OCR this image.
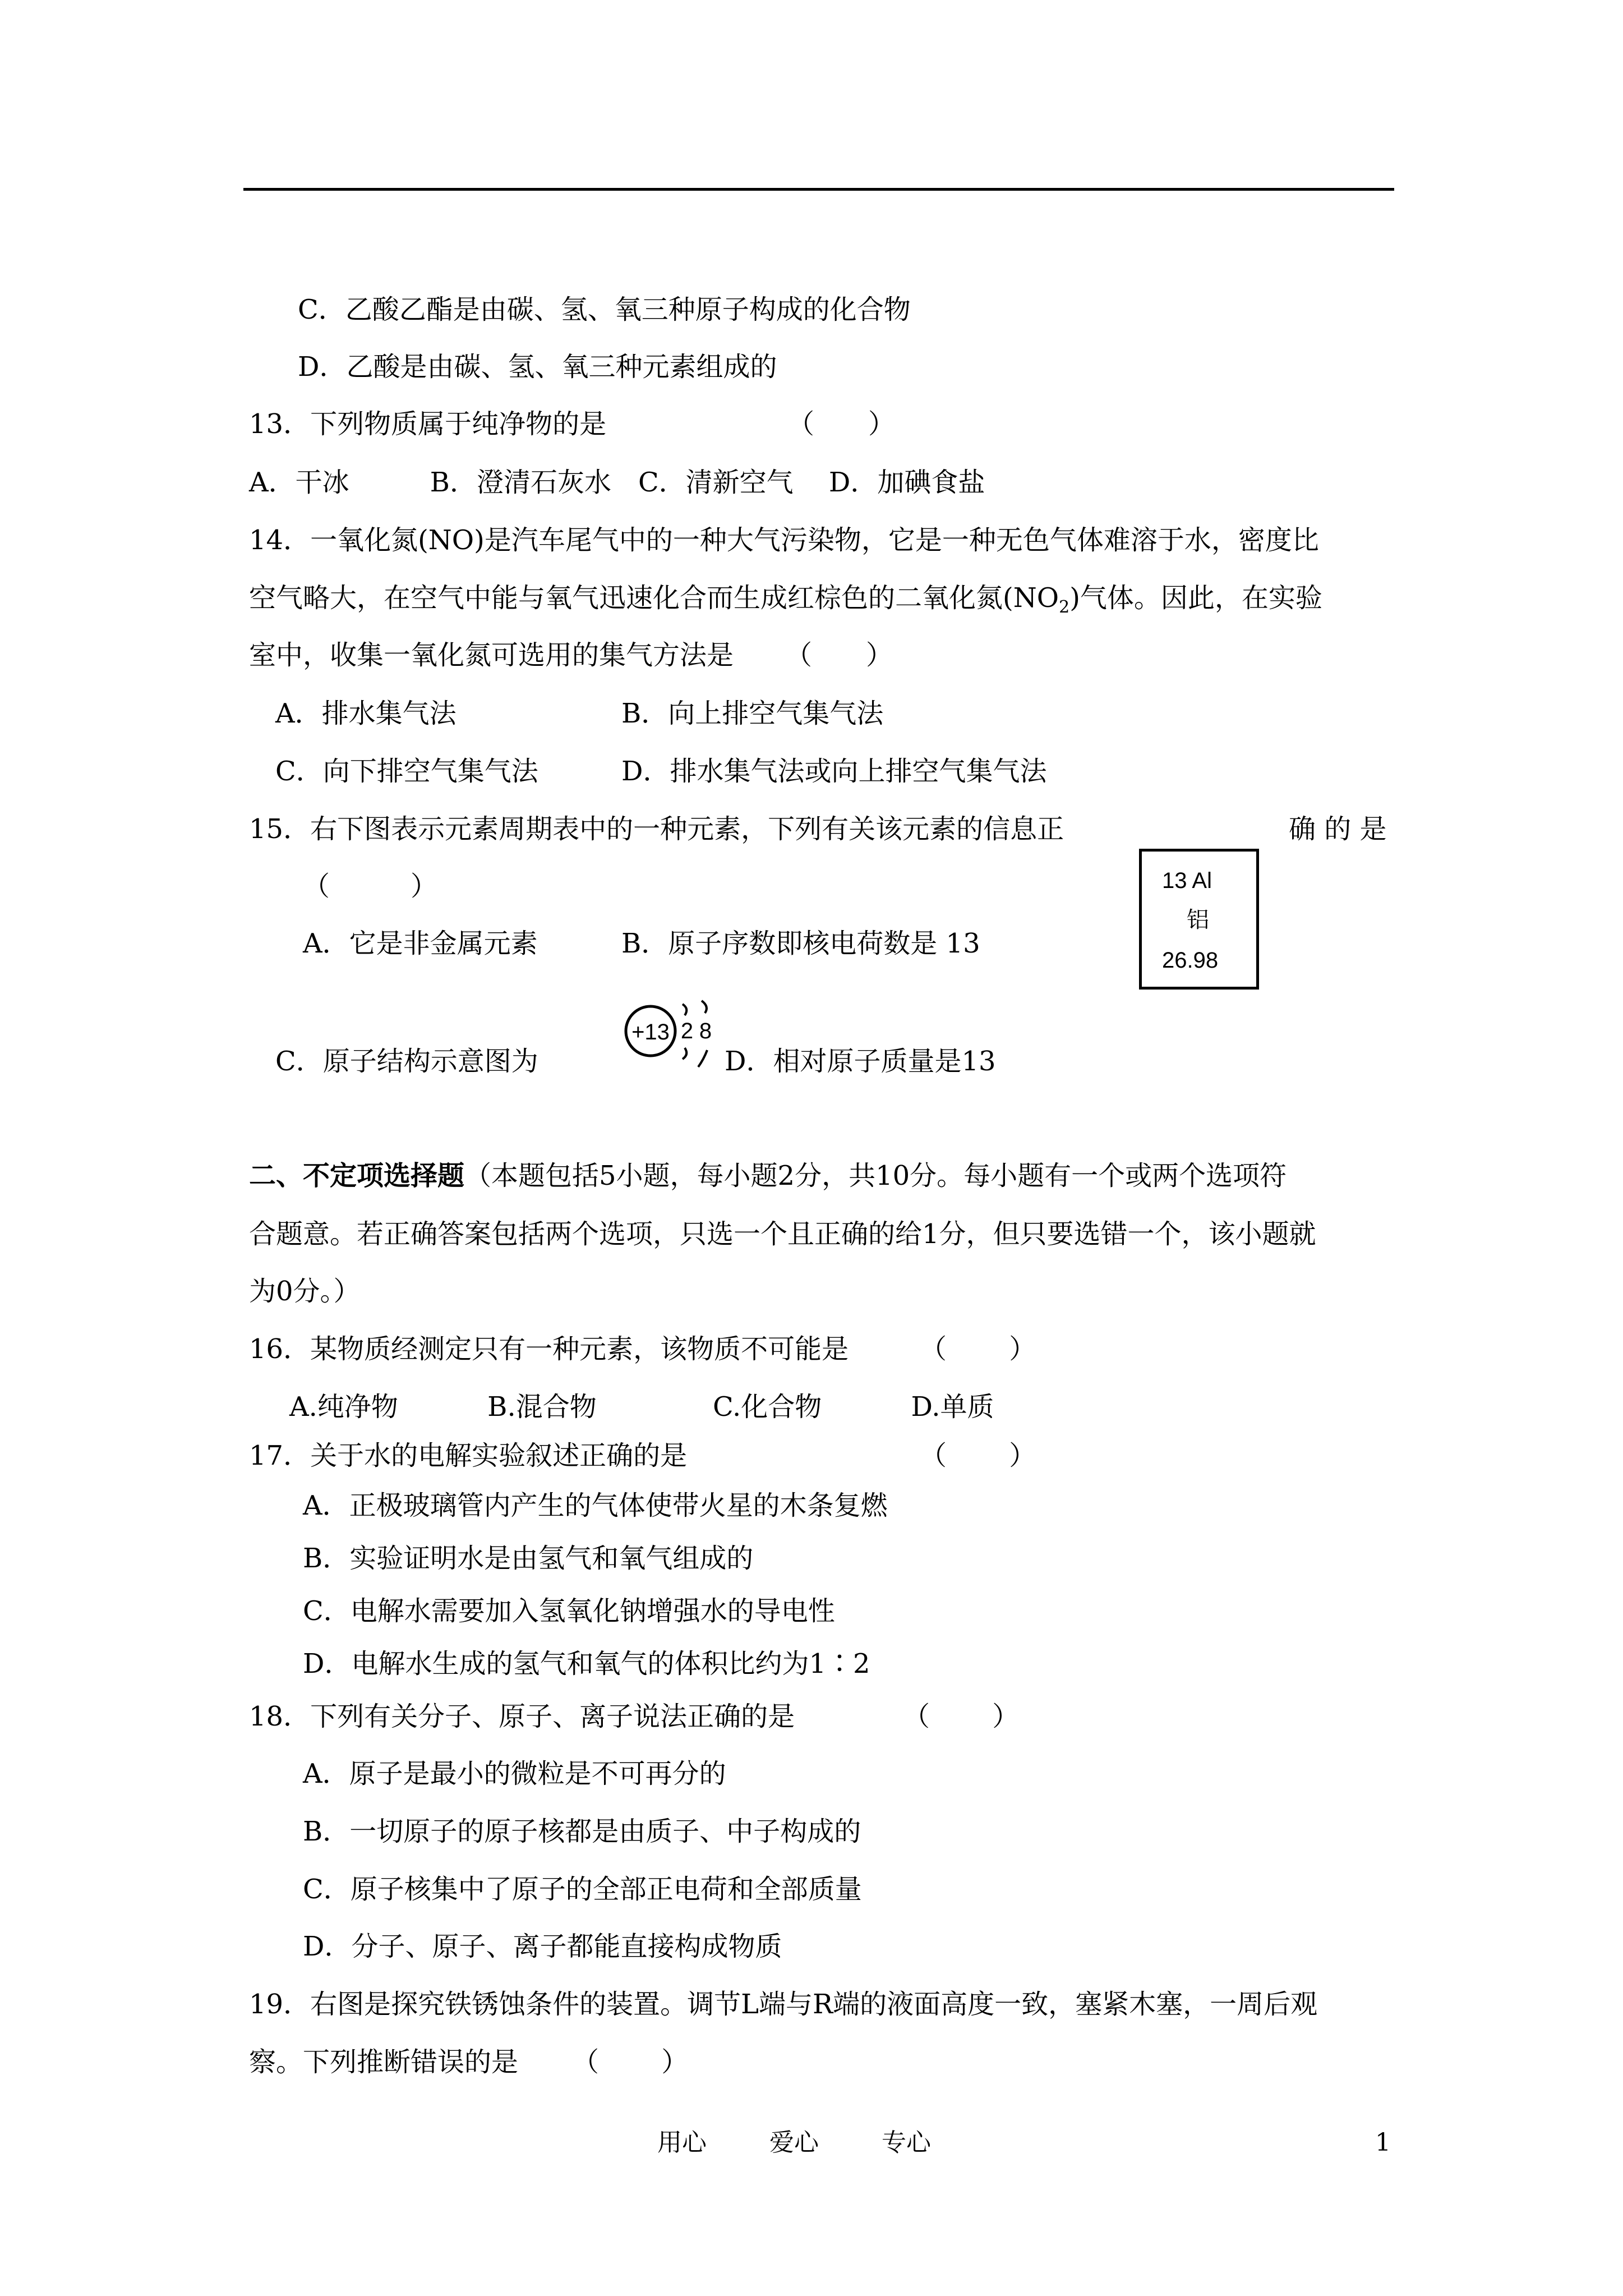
C．乙酸乙酯是由碳、氢、氧三种原子构成的化合物
D．乙酸是由碳、氢、氧三种元素组成的
13．下列物质属于纯净物的是	（　　）
A．干冰　　　B．澄清石灰水　C．清新空气　 D．加碘食盐
14．一氧化氮(NO)是汽车尾气中的一种大气污染物，它是一种无色气体难溶于水，密度比
空气略大，在空气中能与氧气迅速化合而生成红棕色的二氧化氮$(NO_2)$气体。因此，在实验
室中，收集一氧化氮可选用的集气方法是 （　　）
A．排水集气法	B．向上排空气集气法
C．向下排空气集气法	D．排水集气法或向上排空气集气法
15．右下图表示元素周期表中的一种元素，下列有关该元素的信息正	确 的 是
（　　　）
A．它是非金属元素	B．原子序数即核电荷数是 13
C．原子结构示意图为	D．相对原子质量是13
13 Al
铝
26.98
+13 2 8
二、不定项选择题（本题包括5小题，每小题2分，共10分。每小题有一个或两个选项符
合题意。若正确答案包括两个选项，只选一个且正确的给1分，但只要选错一个，该小题就
为0分。）
16．某物质经测定只有一种元素，该物质不可能是	（　　 ）
A.纯净物　　　 B.混合物　　　　 C.化合物　　　 D.单质
17．关于水的电解实验叙述正确的是	（　　 ）
A．正极玻璃管内产生的气体使带火星的木条复燃
B．实验证明水是由氢气和氧气组成的
C．电解水需要加入氢氧化钠增强水的导电性
D．电解水生成的氢气和氧气的体积比约为1∶2
18．下列有关分子、原子、离子说法正确的是	（　　 ）
A．原子是最小的微粒是不可再分的
B．一切原子的原子核都是由质子、中子构成的
C．原子核集中了原子的全部正电荷和全部质量
D．分子、原子、离子都能直接构成物质
19．右图是探究铁锈蚀条件的装置。调节L端与R端的液面高度一致，塞紧木塞，一周后观
察。下列推断错误的是 （　　 ）
用心	爱心	专心	1
